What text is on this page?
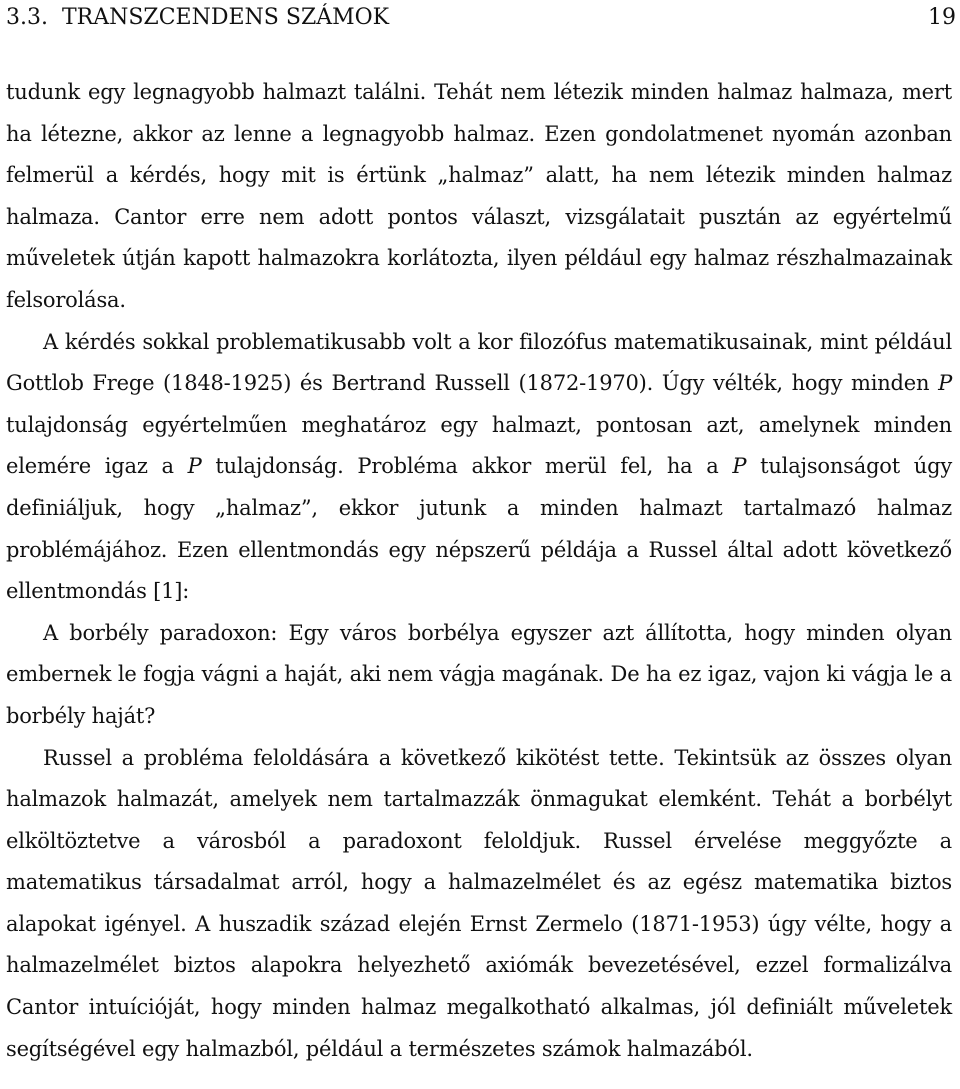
3.3. TRANSZCENDENS SZÁMOK	19

tudunk egy legnagyobb halmazt találni. Tehát nem létezik minden halmaz halmaza, mert ha létezne, akkor az lenne a legnagyobb halmaz. Ezen gondolatmenet nyomán azonban felmerül a kérdés, hogy mit is értünk „halmaz” alatt, ha nem létezik minden halmaz halmaza. Cantor erre nem adott pontos választ, vizsgálatait pusztán az egyértelmű műveletek útján kapott halmazokra korlátozta, ilyen például egy halmaz részhalmazainak felsorolása.

A kérdés sokkal problematikusabb volt a kor filozófus matematikusainak, mint például Gottlob Frege (1848-1925) és Bertrand Russell (1872-1970). Úgy vélték, hogy minden P tulajdonság egyértelműen meghatároz egy halmazt, pontosan azt, amelynek minden elemére igaz a P tulajdonság. Probléma akkor merül fel, ha a P tulajsonságot úgy definiáljuk, hogy „halmaz”, ekkor jutunk a minden halmazt tartalmazó halmaz problémájához. Ezen ellentmondás egy népszerű példája a Russel által adott következő ellentmondás [1]:

A borbély paradoxon: Egy város borbélya egyszer azt állította, hogy minden olyan embernek le fogja vágni a haját, aki nem vágja magának. De ha ez igaz, vajon ki vágja le a borbély haját?

Russel a probléma feloldására a következő kikötést tette. Tekintsük az összes olyan halmazok halmazát, amelyek nem tartalmazzák önmagukat elemként. Tehát a borbélyt elköltöztetve a városból a paradoxont feloldjuk. Russel érvelése meggyőzte a matematikus társadalmat arról, hogy a halmazelmélet és az egész matematika biztos alapokat igényel. A huszadik század elején Ernst Zermelo (1871-1953) úgy vélte, hogy a halmazelmélet biztos alapokra helyezhető axiómák bevezetésével, ezzel formalizálva Cantor intuícióját, hogy minden halmaz megalkotható alkalmas, jól definiált műveletek segítségével egy halmazból, például a természetes számok halmazából.
